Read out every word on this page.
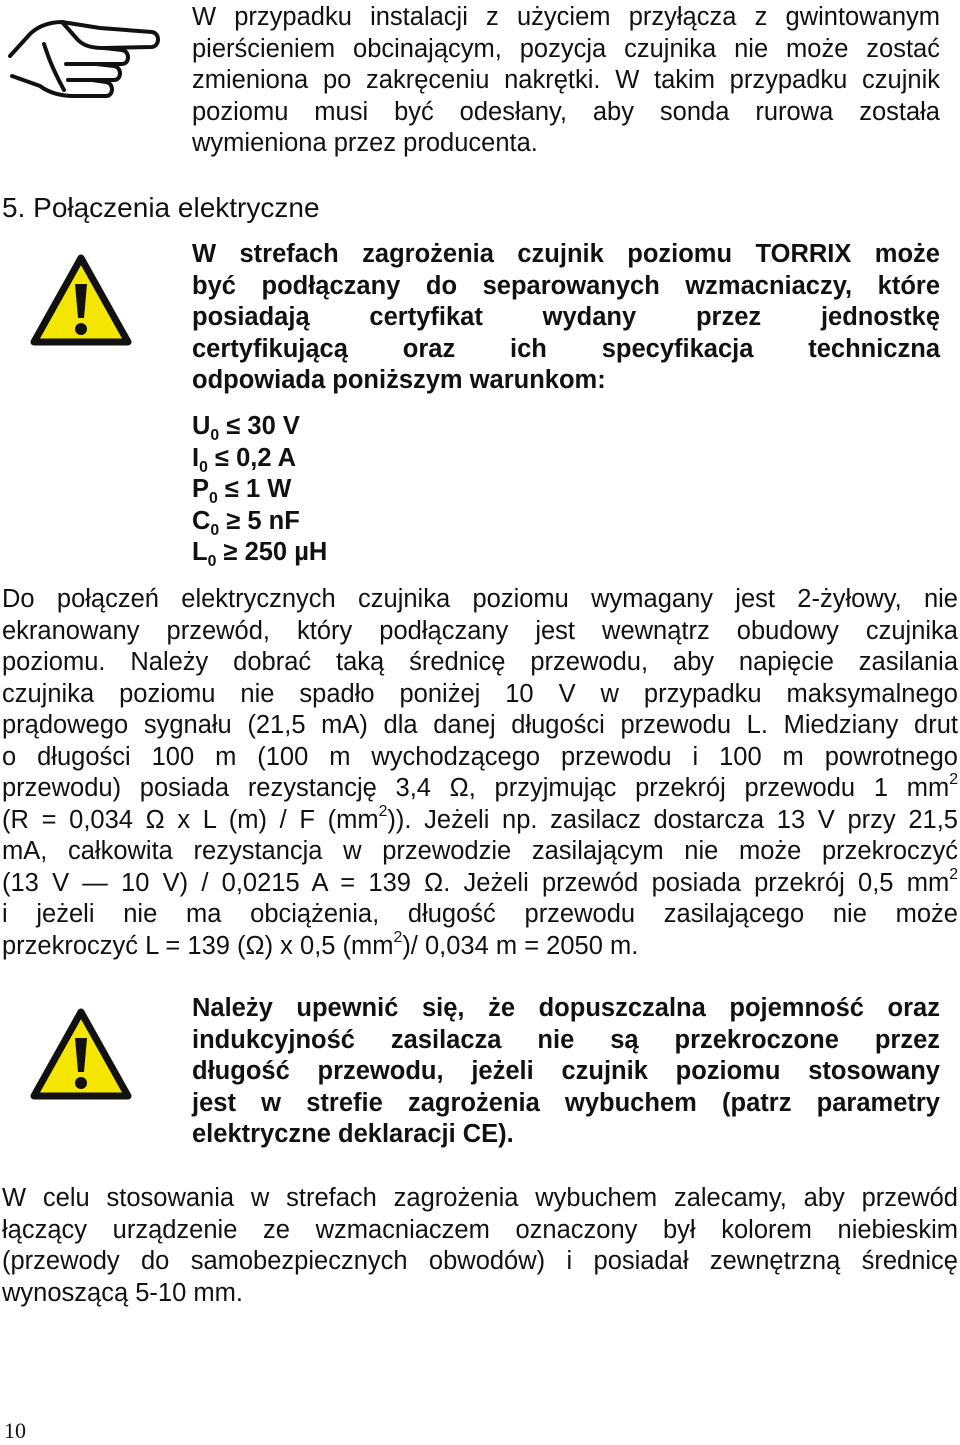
W przypadku instalacji z użyciem przyłącza z gwintowanym
pierścieniem obcinającym, pozycja czujnika nie może zostać
zmieniona po zakręceniu nakrętki. W takim przypadku czujnik
poziomu musi być odesłany, aby sonda rurowa została
wymieniona przez producenta.
5. Połączenia elektryczne
W strefach zagrożenia czujnik poziomu TORRIX może
być podłączany do separowanych wzmacniaczy, które
posiadają certyfikat wydany przez jednostkę
certyfikującą oraz ich specyfikacja techniczna
odpowiada poniższym warunkom:
$U_0 \le 30$ V
$I_0 \le 0,2$ A
$P_0 \le 1$ W
$C_0 \ge 5$ nF
$L_0 \ge 250$ µH
Do połączeń elektrycznych czujnika poziomu wymagany jest 2-żyłowy, nie
ekranowany przewód, który podłączany jest wewnątrz obudowy czujnika
poziomu. Należy dobrać taką średnicę przewodu, aby napięcie zasilania
czujnika poziomu nie spadło poniżej 10 V w przypadku maksymalnego
prądowego sygnału (21,5 mA) dla danej długości przewodu L. Miedziany drut
o długości 100 m (100 m wychodzącego przewodu i 100 m powrotnego
przewodu) posiada rezystancję 3,4 Ω, przyjmując przekrój przewodu 1 $mm^2$
(R = 0,034 Ω x L (m) / F $(mm^2)$). Jeżeli np. zasilacz dostarcza 13 V przy 21,5
mA, całkowita rezystancja w przewodzie zasilającym nie może przekroczyć
(13 V — 10 V) / 0,0215 A = 139 Ω. Jeżeli przewód posiada przekrój 0,5 $mm^2$
i jeżeli nie ma obciążenia, długość przewodu zasilającego nie może
przekroczyć L = 139 (Ω) x 0,5 $(mm^2)/$ 0,034 m = 2050 m.
Należy upewnić się, że dopuszczalna pojemność oraz
indukcyjność zasilacza nie są przekroczone przez
długość przewodu, jeżeli czujnik poziomu stosowany
jest w strefie zagrożenia wybuchem (patrz parametry
elektryczne deklaracji CE).
W celu stosowania w strefach zagrożenia wybuchem zalecamy, aby przewód
łączący urządzenie ze wzmacniaczem oznaczony był kolorem niebieskim
(przewody do samobezpiecznych obwodów) i posiadał zewnętrzną średnicę
wynoszącą 5-10 mm.
10
